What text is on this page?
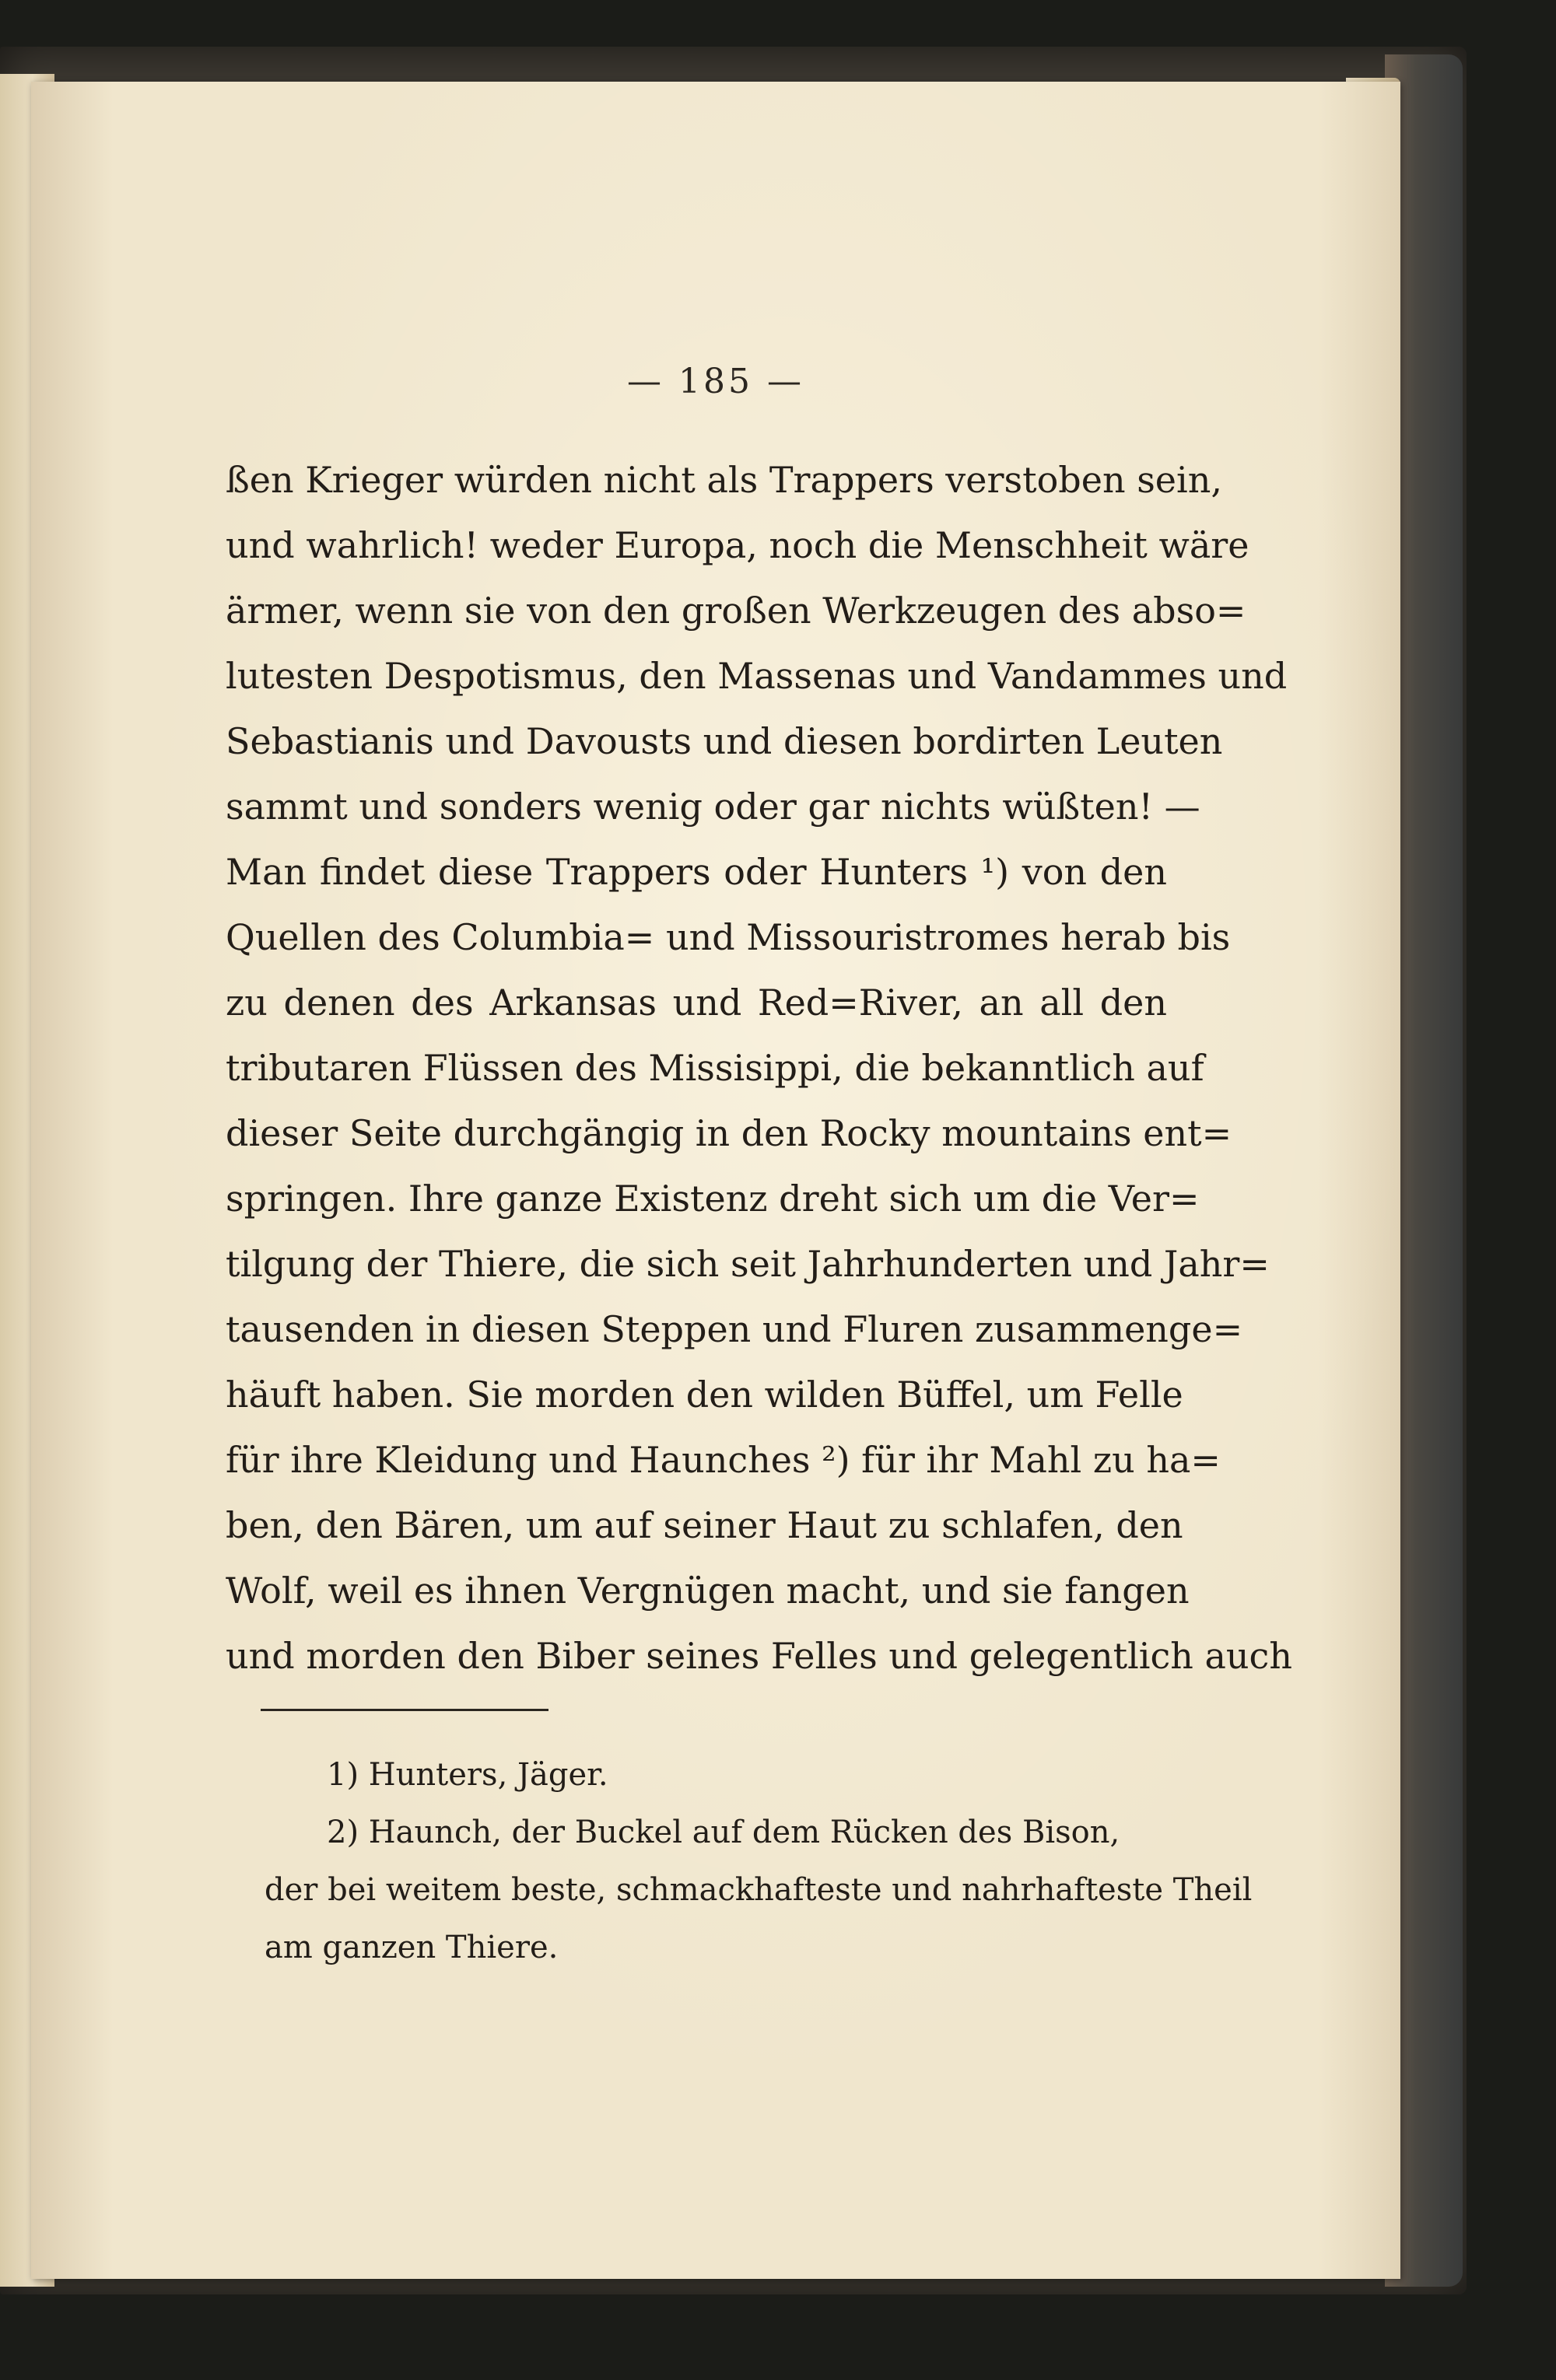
— 185 —
ßen Krieger würden nicht als Trappers verstoben sein,
und wahrlich! weder Europa, noch die Menschheit wäre
ärmer, wenn sie von den großen Werkzeugen des abso=
lutesten Despotismus, den Massenas und Vandammes und
Sebastianis und Davousts und diesen bordirten Leuten
sammt und sonders wenig oder gar nichts wüßten! —
Man findet diese Trappers oder Hunters ¹) von den
Quellen des Columbia= und Missouristromes herab bis
zu denen des Arkansas und Red=River, an all den
tributaren Flüssen des Missisippi, die bekanntlich auf
dieser Seite durchgängig in den Rocky mountains ent=
springen. Ihre ganze Existenz dreht sich um die Ver=
tilgung der Thiere, die sich seit Jahrhunderten und Jahr=
tausenden in diesen Steppen und Fluren zusammenge=
häuft haben. Sie morden den wilden Büffel, um Felle
für ihre Kleidung und Haunches ²) für ihr Mahl zu ha=
ben, den Bären, um auf seiner Haut zu schlafen, den
Wolf, weil es ihnen Vergnügen macht, und sie fangen
und morden den Biber seines Felles und gelegentlich auch
1) Hunters, Jäger.
2) Haunch, der Buckel auf dem Rücken des Bison,
der bei weitem beste, schmackhafteste und nahrhafteste Theil
am ganzen Thiere.
